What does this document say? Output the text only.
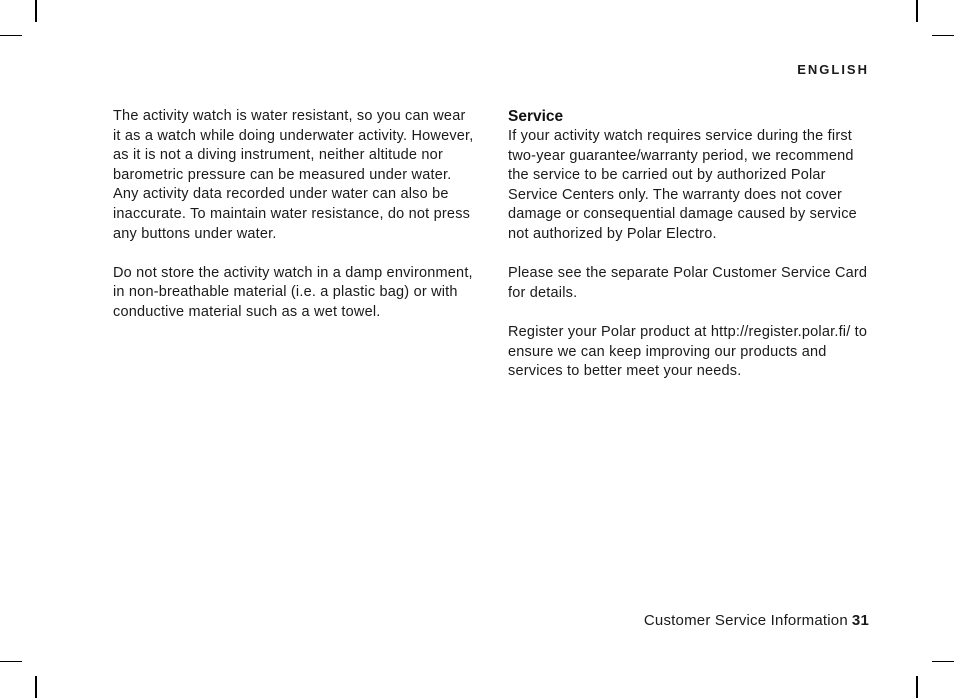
ENGLISH

The activity watch is water resistant, so you can wear it as a watch while doing underwater activity. However, as it is not a diving instrument, neither altitude nor barometric pressure can be measured under water. Any activity data recorded under water can also be inaccurate. To maintain water resistance, do not press any buttons under water.

Do not store the activity watch in a damp environment, in non-breathable material (i.e. a plastic bag) or with conductive material such as a wet towel.

Service

If your activity watch requires service during the first two-year guarantee/warranty period, we recommend the service to be carried out by authorized Polar Service Centers only. The warranty does not cover damage or consequential damage caused by service not authorized by Polar Electro.

Please see the separate Polar Customer Service Card for details.

Register your Polar product at http://register.polar.fi/ to ensure we can keep improving our products and services to better meet your needs.

Customer Service Information 31
